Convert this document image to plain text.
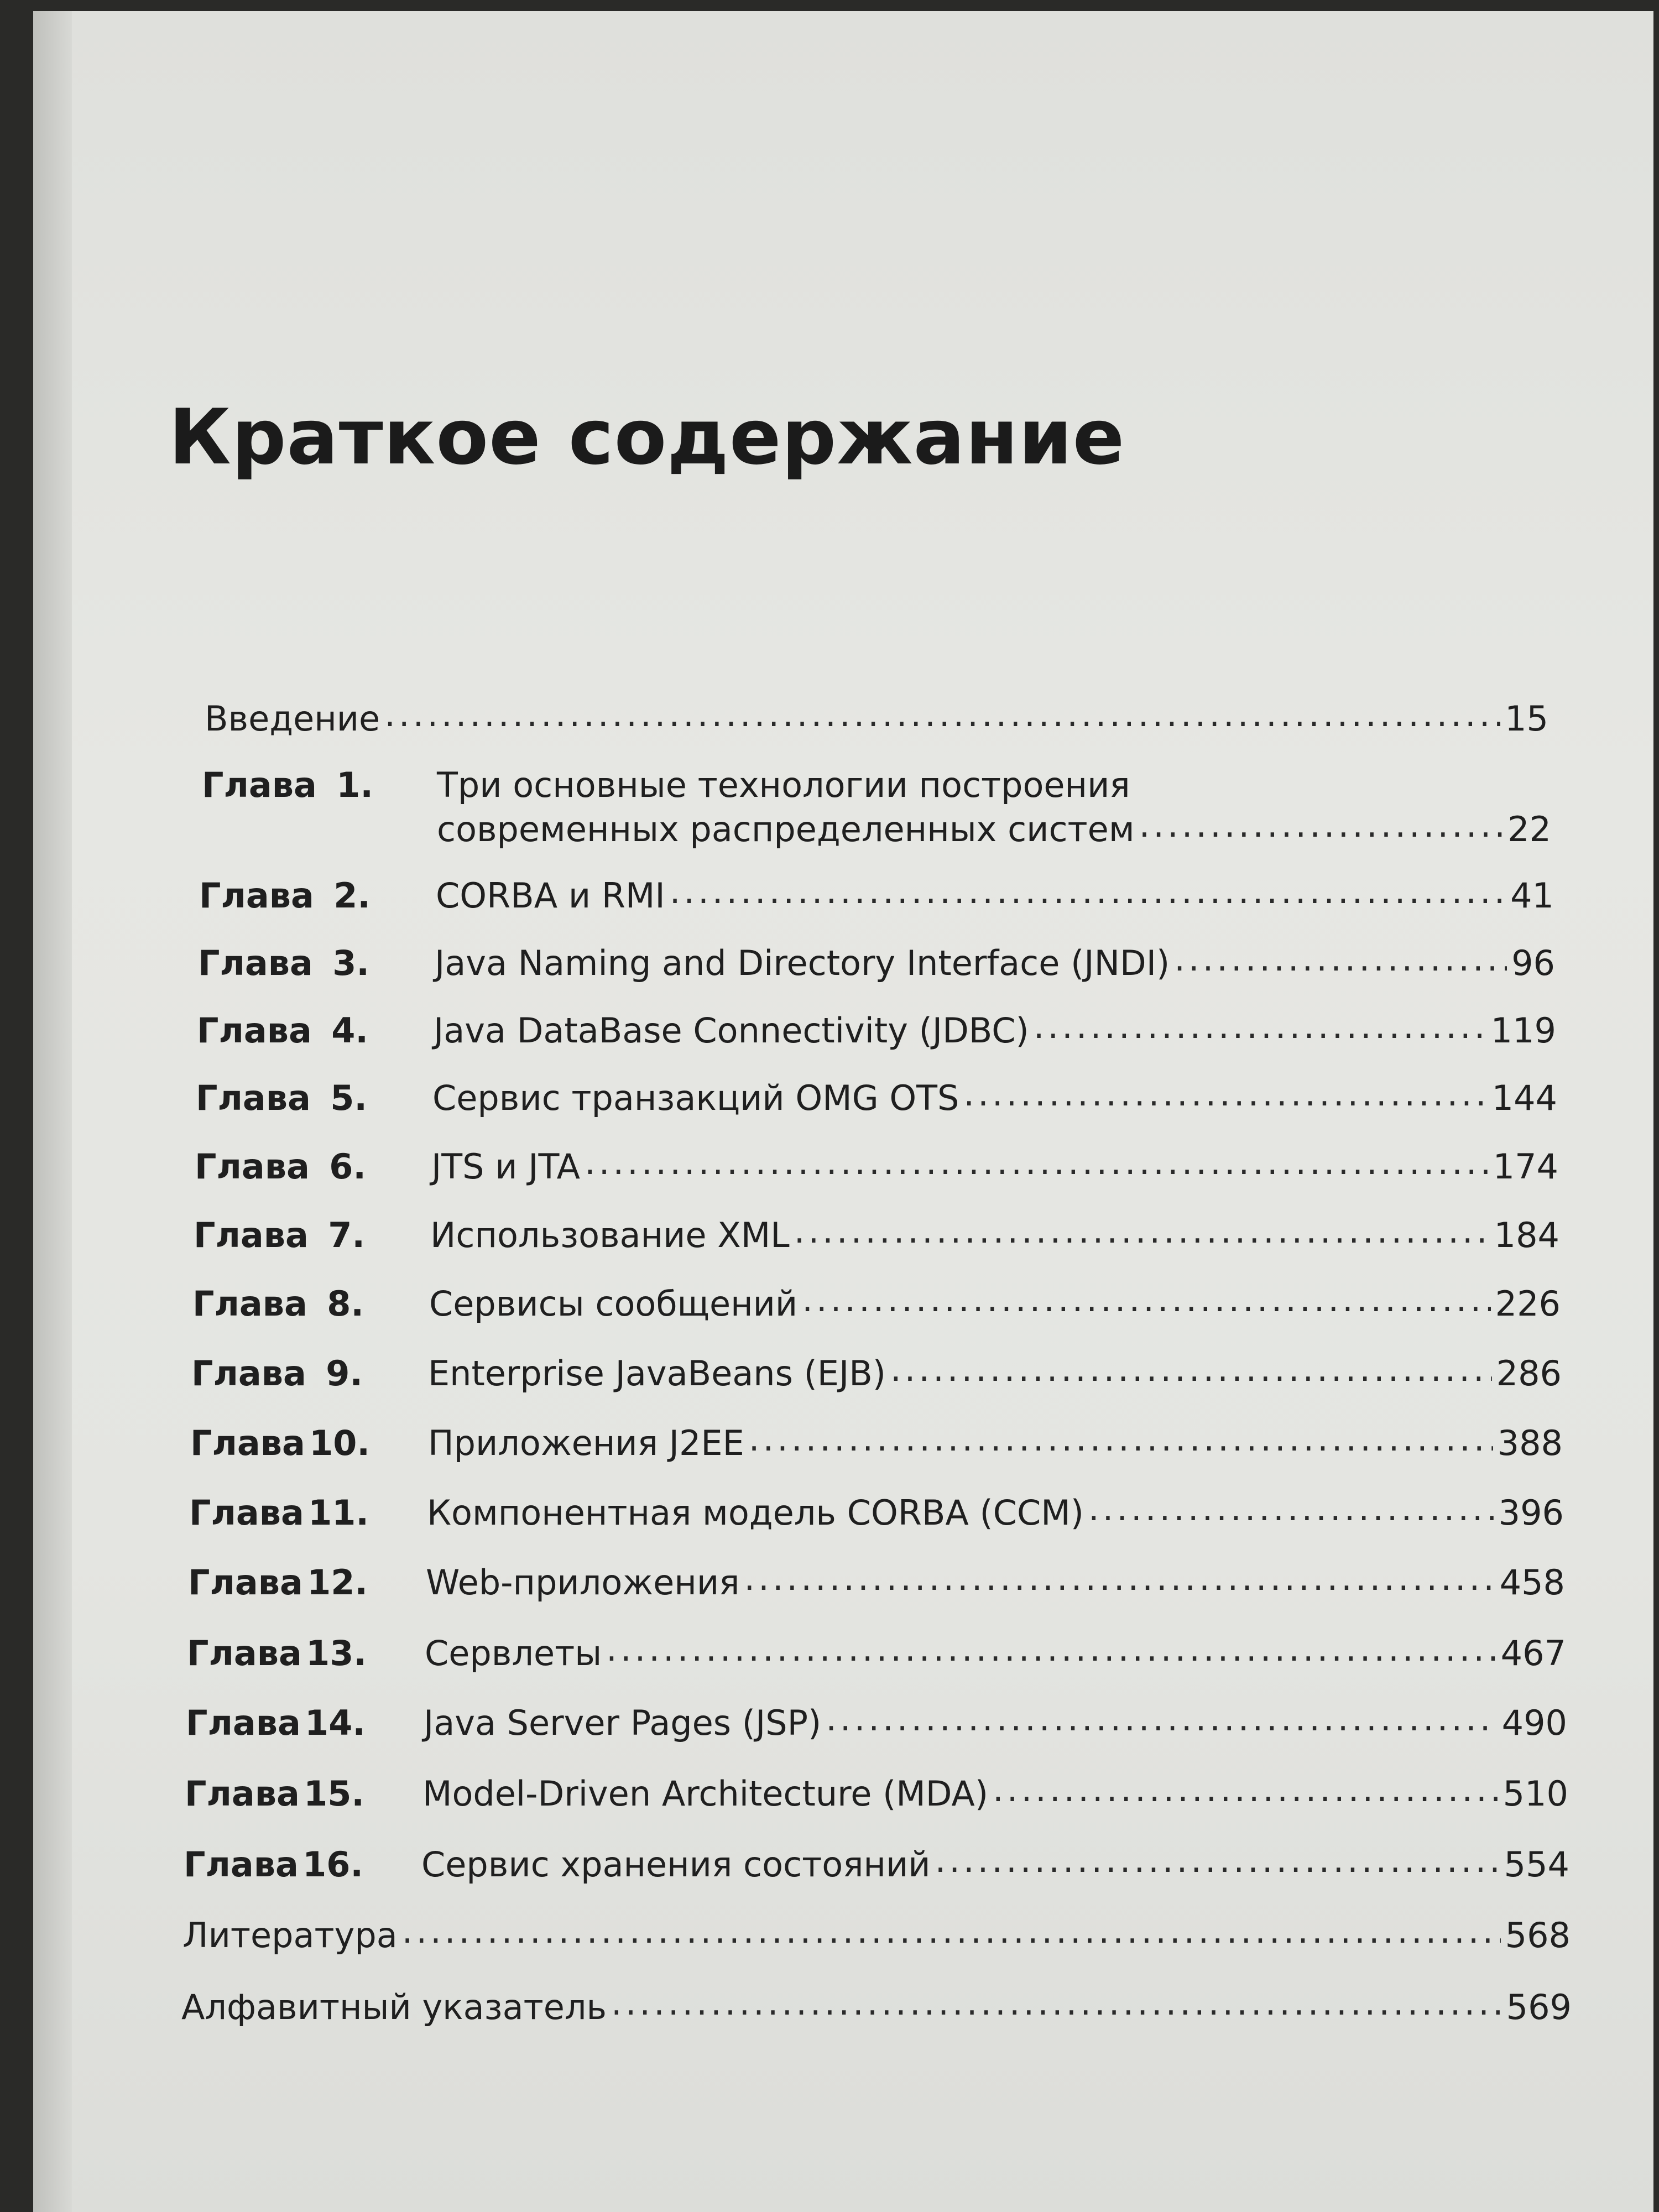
Краткое содержание
Введение .....	15
Глава 1. Три основные технологии построения
современных распределенных систем .....	22
Глава 2. CORBA и RMI .....	41
Глава 3. Java Naming and Directory Interface (JNDI) .....	96
Глава 4. Java DataBase Connectivity (JDBC) .....	119
Глава 5. Сервис транзакций OMG OTS .....	144
Глава 6. JTS и JTA .....	174
Глава 7. Использование XML .....	184
Глава 8. Сервисы сообщений .....	226
Глава 9. Enterprise JavaBeans (EJB) .....	286
Глава 10. Приложения J2EE .....	388
Глава 11. Компонентная модель CORBA (CCM) .....	396
Глава 12. Web-приложения .....	458
Глава 13. Сервлеты .....	467
Глава 14. Java Server Pages (JSP) .....	490
Глава 15. Model-Driven Architecture (MDA) .....	510
Глава 16. Сервис хранения состояний .....	554
Литература .....	568
Алфавитный указатель .....	569
